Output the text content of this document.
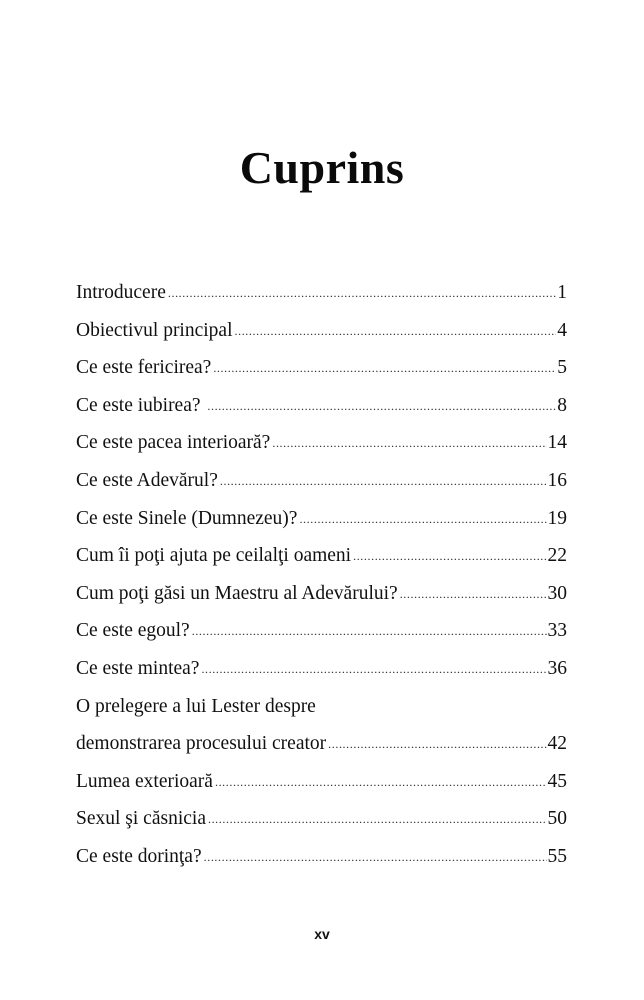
Cuprins
Introducere .....	1
Obiectivul principal .....	4
Ce este fericirea? .....	5
Ce este iubirea? .....	8
Ce este pacea interioară? .....	14
Ce este Adevărul? .....	16
Ce este Sinele (Dumnezeu)? .....	19
Cum îi poţi ajuta pe ceilalţi oameni .....	22
Cum poţi găsi un Maestru al Adevărului? .....	30
Ce este egoul? .....	33
Ce este mintea? .....	36
O prelegere a lui Lester despre
demonstrarea procesului creator .....	42
Lumea exterioară .....	45
Sexul şi căsnicia .....	50
Ce este dorinţa? .....	55
xv
